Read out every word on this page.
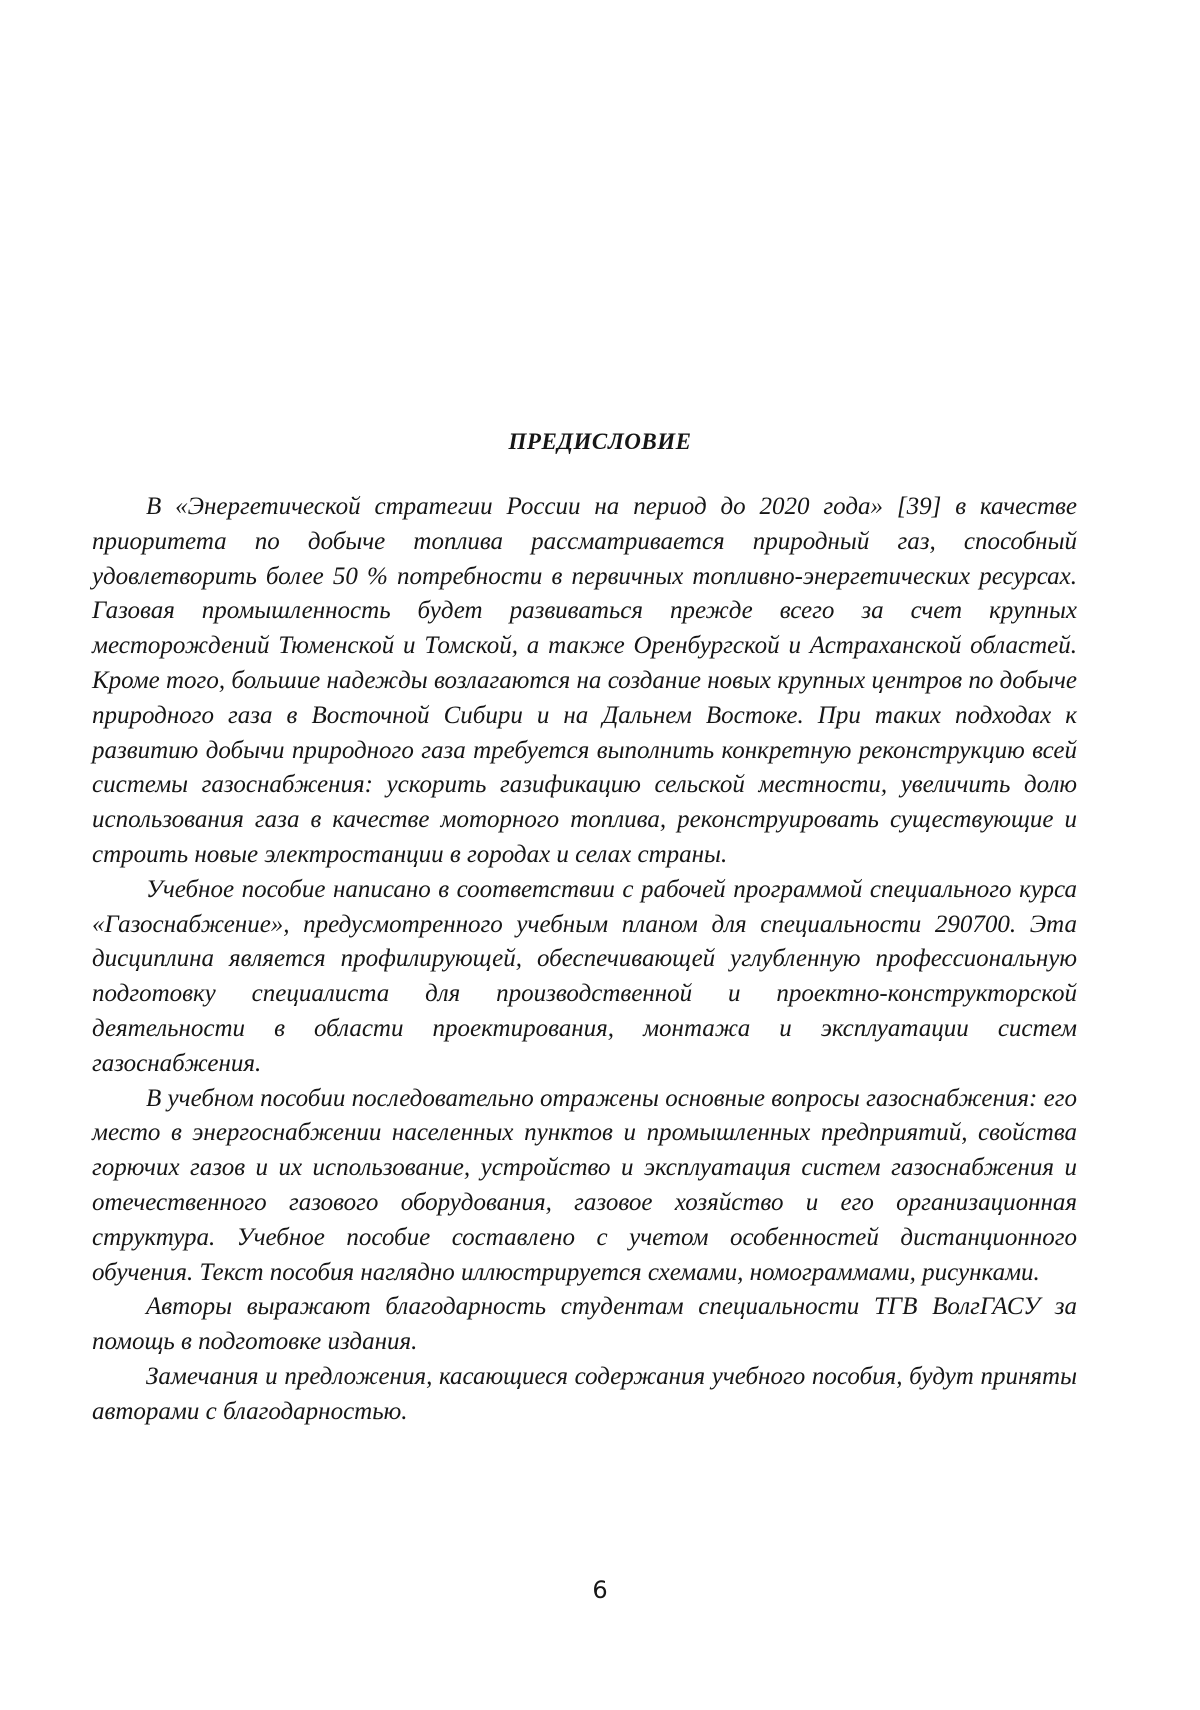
ПРЕДИСЛОВИЕ

В «Энергетической стратегии России на период до 2020 года» [39] в качестве приоритета по добыче топлива рассматривается природный газ, способный удовлетворить более 50 % потребности в первичных топливно-энергетических ресурсах. Газовая промышленность будет развиваться прежде всего за счет крупных месторождений Тюменской и Томской, а также Оренбургской и Астраханской областей. Кроме того, большие надежды возлагаются на создание новых крупных центров по добыче природного газа в Восточной Сибири и на Дальнем Востоке. При таких подходах к развитию добычи природного газа требуется выполнить конкретную реконструкцию всей системы газоснабжения: ускорить газификацию сельской местности, увеличить долю использования газа в качестве моторного топлива, реконструировать существующие и строить новые электростанции в городах и селах страны.

Учебное пособие написано в соответствии с рабочей программой специального курса «Газоснабжение», предусмотренного учебным планом для специальности 290700. Эта дисциплина является профилирующей, обеспечивающей углубленную профессиональную подготовку специалиста для производственной и проектно-конструкторской деятельности в области проектирования, монтажа и эксплуатации систем газоснабжения.

В учебном пособии последовательно отражены основные вопросы газоснабжения: его место в энергоснабжении населенных пунктов и промышленных предприятий, свойства горючих газов и их использование, устройство и эксплуатация систем газоснабжения и отечественного газового оборудования, газовое хозяйство и его организационная структура. Учебное пособие составлено с учетом особенностей дистанционного обучения. Текст пособия наглядно иллюстрируется схемами, номограммами, рисунками.

Авторы выражают благодарность студентам специальности ТГВ ВолгГАСУ за помощь в подготовке издания.

Замечания и предложения, касающиеся содержания учебного пособия, будут приняты авторами с благодарностью.

6
